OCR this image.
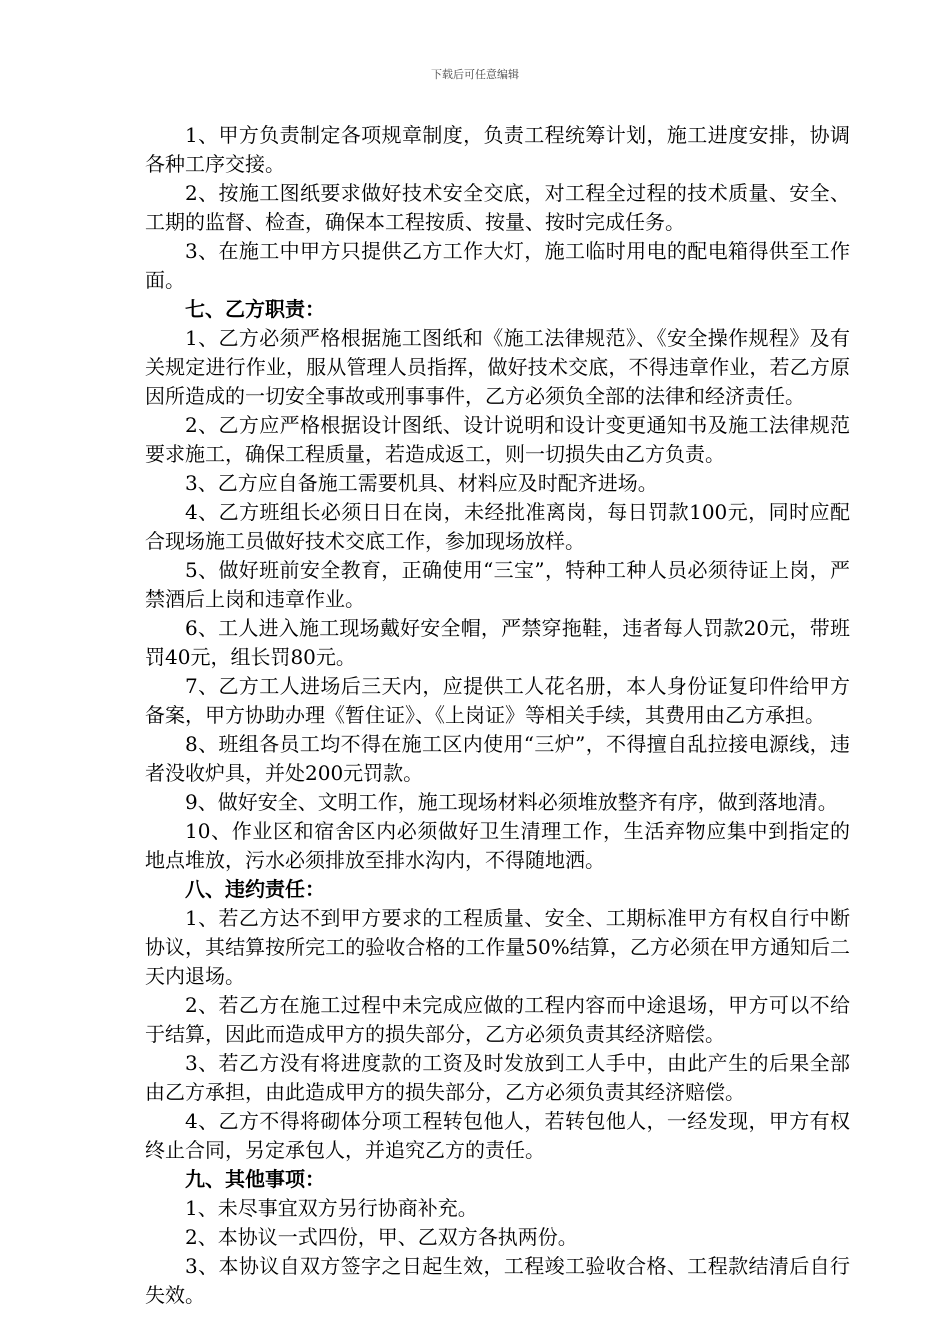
下载后可任意编辑

1、甲方负责制定各项规章制度，负责工程统筹计划，施工进度安排，协调各种工序交接。

2、按施工图纸要求做好技术安全交底，对工程全过程的技术质量、安全、工期的监督、检查，确保本工程按质、按量、按时完成任务。

3、在施工中甲方只提供乙方工作大灯，施工临时用电的配电箱得供至工作面。

七、乙方职责：

1、乙方必须严格根据施工图纸和《施工法律规范》、《安全操作规程》及有关规定进行作业，服从管理人员指挥，做好技术交底，不得违章作业，若乙方原因所造成的一切安全事故或刑事事件，乙方必须负全部的法律和经济责任。

2、乙方应严格根据设计图纸、设计说明和设计变更通知书及施工法律规范要求施工，确保工程质量，若造成返工，则一切损失由乙方负责。

3、乙方应自备施工需要机具、材料应及时配齐进场。

4、乙方班组长必须日日在岗，未经批准离岗，每日罚款100元，同时应配合现场施工员做好技术交底工作，参加现场放样。

5、做好班前安全教育，正确使用“三宝”，特种工种人员必须待证上岗，严禁酒后上岗和违章作业。

6、工人进入施工现场戴好安全帽，严禁穿拖鞋，违者每人罚款20元，带班罚40元，组长罚80元。

7、乙方工人进场后三天内，应提供工人花名册，本人身份证复印件给甲方备案，甲方协助办理《暂住证》、《上岗证》等相关手续，其费用由乙方承担。

8、班组各员工均不得在施工区内使用“三炉”，不得擅自乱拉接电源线，违者没收炉具，并处200元罚款。

9、做好安全、文明工作，施工现场材料必须堆放整齐有序，做到落地清。

10、作业区和宿舍区内必须做好卫生清理工作，生活弃物应集中到指定的地点堆放，污水必须排放至排水沟内，不得随地洒。

八、违约责任：

1、若乙方达不到甲方要求的工程质量、安全、工期标准甲方有权自行中断协议，其结算按所完工的验收合格的工作量50%结算，乙方必须在甲方通知后二天内退场。

2、若乙方在施工过程中未完成应做的工程内容而中途退场，甲方可以不给于结算，因此而造成甲方的损失部分，乙方必须负责其经济赔偿。

3、若乙方没有将进度款的工资及时发放到工人手中，由此产生的后果全部由乙方承担，由此造成甲方的损失部分，乙方必须负责其经济赔偿。

4、乙方不得将砌体分项工程转包他人，若转包他人，一经发现，甲方有权终止合同，另定承包人，并追究乙方的责任。

九、其他事项：

1、未尽事宜双方另行协商补充。

2、本协议一式四份，甲、乙双方各执两份。

3、本协议自双方签字之日起生效，工程竣工验收合格、工程款结清后自行失效。
